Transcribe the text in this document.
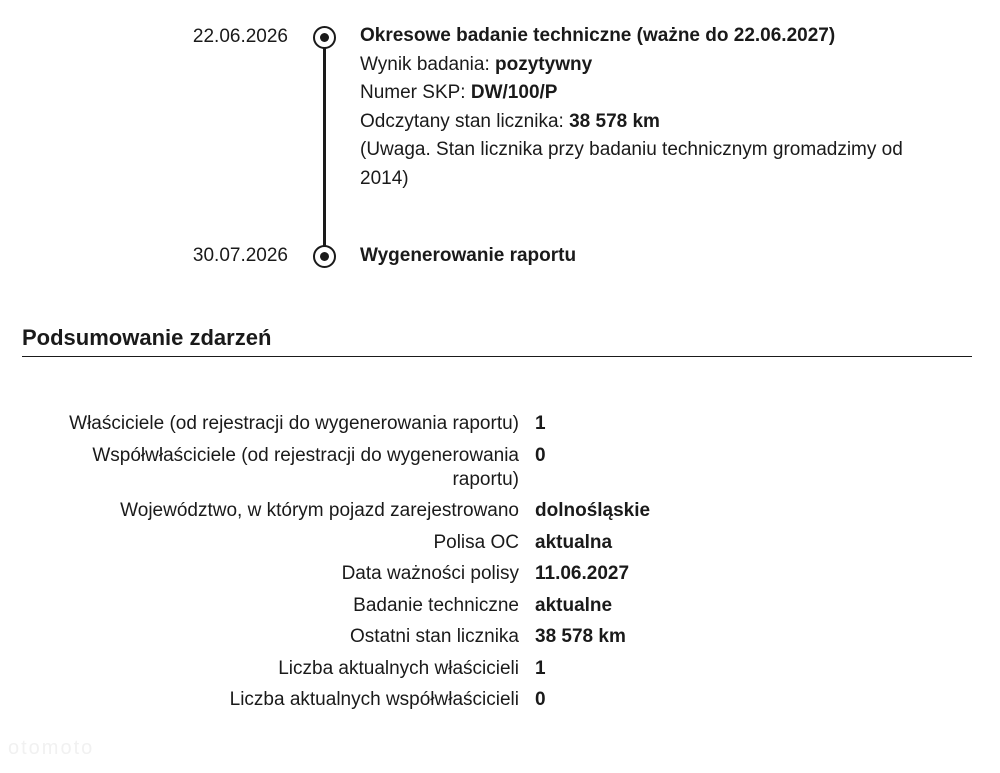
22.06.2026	Okresowe badanie techniczne (ważne do 22.06.2027)
Wynik badania: pozytywny
Numer SKP: DW/100/P
Odczytany stan licznika: 38 578 km
(Uwaga. Stan licznika przy badaniu technicznym gromadzimy od 2014)
30.07.2026	Wygenerowanie raportu
Podsumowanie zdarzeń
Właściciele (od rejestracji do wygenerowania raportu) 1
Współwłaściciele (od rejestracji do wygenerowania raportu)
0
Województwo, w którym pojazd zarejestrowano dolnośląskie
Polisa OC aktualna
Data ważności polisy 11.06.2027
Badanie techniczne aktualne
Ostatni stan licznika 38 578 km
Liczba aktualnych właścicieli 1
Liczba aktualnych współwłaścicieli 0
otomoto
